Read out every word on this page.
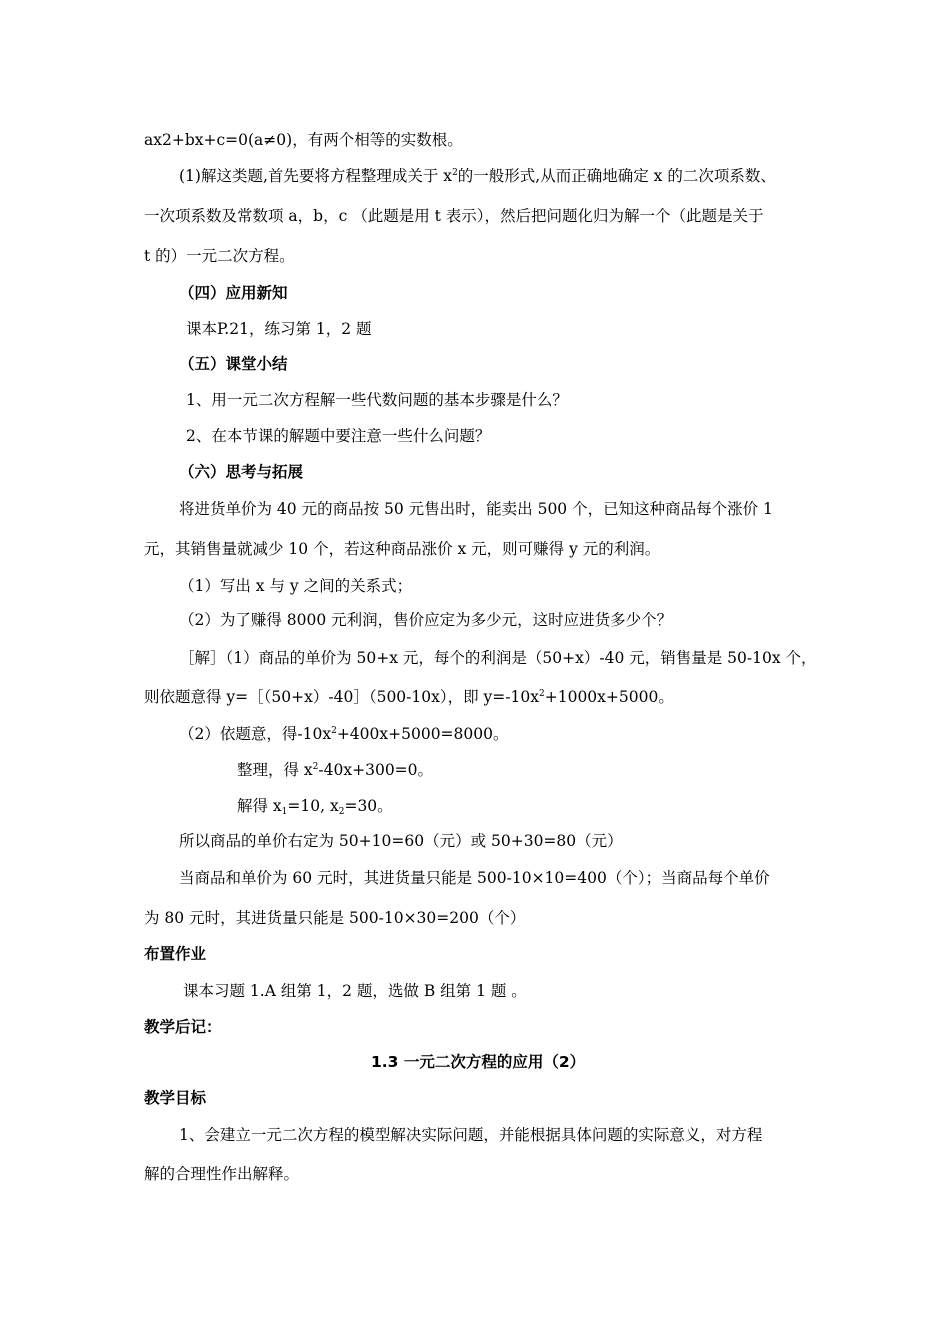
ax2+bx+c=0(a≠0)，有两个相等的实数根。
(1)解这类题,首先要将方程整理成关于 $x^2$的一般形式,从而正确地确定 x 的二次项系数、
一次项系数及常数项 a，b，c （此题是用 t 表示），然后把问题化归为解一个（此题是关于
t 的）一元二次方程。
（四）应用新知
课本P.21，练习第 1，2 题
（五）课堂小结
1、用一元二次方程解一些代数问题的基本步骤是什么？
2、在本节课的解题中要注意一些什么问题？
（六）思考与拓展
将进货单价为 40 元的商品按 50 元售出时，能卖出 500 个，已知这种商品每个涨价 1
元，其销售量就减少 10 个，若这种商品涨价 x 元，则可赚得 y 元的利润。
（1）写出 x 与 y 之间的关系式；
（2）为了赚得 8000 元利润，售价应定为多少元，这时应进货多少个？
［解］（1）商品的单价为 50+x 元，每个的利润是（50+x）-40 元，销售量是 50-10x 个，
则依题意得 y=［（50+x）-40］（500-10x），即 $y=-10x^2+1000x+5000$。
（2）依题意，得$-10x^2+400x+5000=8000$。
整理，得 $x^2-40x+300=0$。
解得 $x_1=10$, $x_2=30$。
所以商品的单价右定为 50+10=60（元）或 50+30=80（元）
当商品和单价为 60 元时，其进货量只能是 500-10×10=400（个）；当商品每个单价
为 80 元时，其进货量只能是 500-10×30=200（个）
布置作业
课本习题 1.A 组第 1，2 题，选做 B 组第 1 题 。
教学后记：
1.3 一元二次方程的应用（2）
教学目标
1、会建立一元二次方程的模型解决实际问题，并能根据具体问题的实际意义，对方程
解的合理性作出解释。
